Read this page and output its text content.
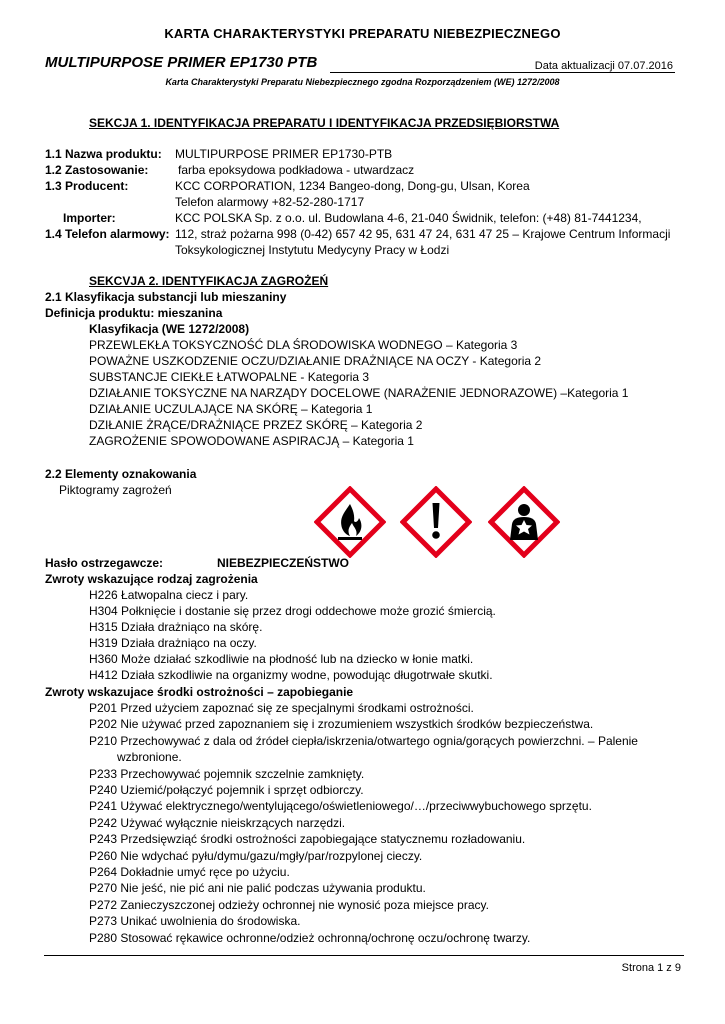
KARTA CHARAKTERYSTYKI PREPARATU NIEBEZPIECZNEGO
MULTIPURPOSE PRIMER EP1730 PTB	Data aktualizacji 07.07.2016
Karta Charakterystyki Preparatu Niebezpiecznego zgodna Rozporządzeniem (WE) 1272/2008
SEKCJA 1. IDENTYFIKACJA PREPARATU I IDENTYFIKACJA PRZEDSIĘBIORSTWA
1.1 Nazwa produktu: MULTIPURPOSE PRIMER EP1730-PTB
1.2 Zastosowanie: farba epoksydowa podkładowa - utwardzacz
1.3 Producent:	KCC CORPORATION, 1234 Bangeo-dong, Dong-gu, Ulsan, Korea
Telefon alarmowy +82-52-280-1717
Importer:	KCC POLSKA Sp. z o.o. ul. Budowlana 4-6, 21-040 Świdnik, telefon: (+48) 81-7441234,
1.4 Telefon alarmowy: 112, straż pożarna 998 (0-42) 657 42 95, 631 47 24, 631 47 25 – Krajowe Centrum Informacji
Toksykologicznej Instytutu Medycyny Pracy w Łodzi
SEKCVJA 2. IDENTYFIKACJA ZAGROŻEŃ
2.1 Klasyfikacja substancji lub mieszaniny
Definicja produktu: mieszanina
Klasyfikacja (WE 1272/2008)
PRZEWLEKŁA TOKSYCZNOŚĆ DLA ŚRODOWISKA WODNEGO – Kategoria 3
POWAŻNE USZKODZENIE OCZU/DZIAŁANIE DRAŻNIĄCE NA OCZY - Kategoria 2
SUBSTANCJE CIEKŁE ŁATWOPALNE - Kategoria 3
DZIAŁANIE TOKSYCZNE NA NARZĄDY DOCELOWE (NARAŻENIE JEDNORAZOWE) –Kategoria 1
DZIAŁANIE UCZULAJĄCE NA SKÓRĘ – Kategoria 1
DZIŁANIE ŻRĄCE/DRAŻNIĄCE PRZEZ SKÓRĘ – Kategoria 2
ZAGROŻENIE SPOWODOWANE ASPIRACJĄ – Kategoria 1
2.2 Elementy oznakowania
Piktogramy zagrożeń
Hasło ostrzegawcze:	NIEBEZPIECZEŃSTWO
Zwroty wskazujące rodzaj zagrożenia
H226 Łatwopalna ciecz i pary.
H304 Połknięcie i dostanie się przez drogi oddechowe może grozić śmiercią.
H315 Działa drażniąco na skórę.
H319 Działa drażniąco na oczy.
H360 Może działać szkodliwie na płodność lub na dziecko w łonie matki.
H412 Działa szkodliwie na organizmy wodne, powodując długotrwałe skutki.
Zwroty wskazujace środki ostrożności – zapobieganie
P201 Przed użyciem zapoznać się ze specjalnymi środkami ostrożności.
P202 Nie używać przed zapoznaniem się i zrozumieniem wszystkich środków bezpieczeństwa.
P210 Przechowywać z dala od źródeł ciepła/iskrzenia/otwartego ognia/gorących powierzchni. – Palenie
wzbronione.
P233 Przechowywać pojemnik szczelnie zamknięty.
P240 Uziemić/połączyć pojemnik i sprzęt odbiorczy.
P241 Używać elektrycznego/wentylującego/oświetleniowego/…/przeciwwybuchowego sprzętu.
P242 Używać wyłącznie nieiskrzących narzędzi.
P243 Przedsięwziąć środki ostrożności zapobiegające statycznemu rozładowaniu.
P260 Nie wdychać pyłu/dymu/gazu/mgły/par/rozpylonej cieczy.
P264 Dokładnie umyć ręce po użyciu.
P270 Nie jeść, nie pić ani nie palić podczas używania produktu.
P272 Zanieczyszczonej odzieży ochronnej nie wynosić poza miejsce pracy.
P273 Unikać uwolnienia do środowiska.
P280 Stosować rękawice ochronne/odzież ochronną/ochronę oczu/ochronę twarzy.
Strona 1 z 9
